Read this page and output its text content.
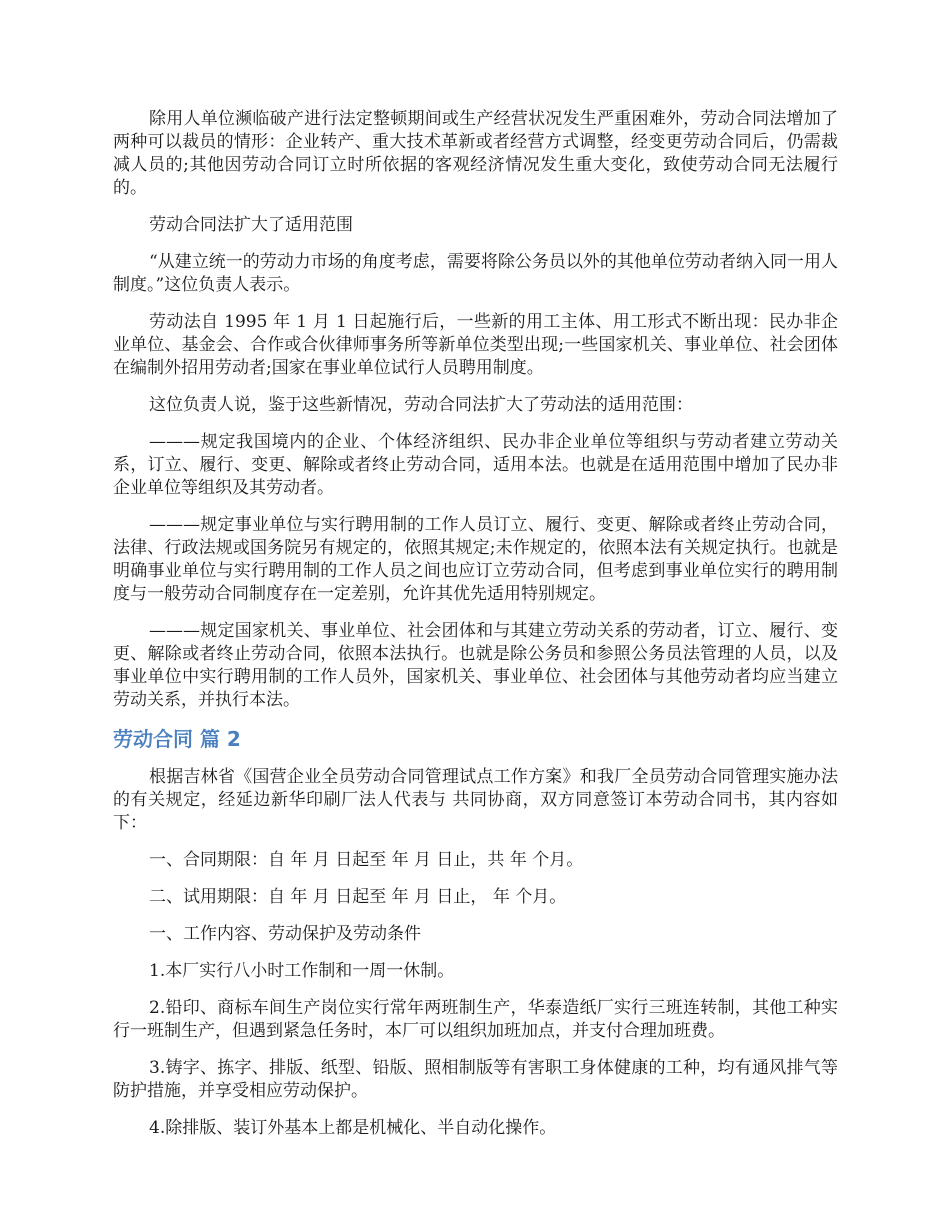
除用人单位濒临破产进行法定整顿期间或生产经营状况发生严重困难外，劳动合同法增加了两种可以裁员的情形：企业转产、重大技术革新或者经营方式调整，经变更劳动合同后，仍需裁减人员的;其他因劳动合同订立时所依据的客观经济情况发生重大变化，致使劳动合同无法履行的。

劳动合同法扩大了适用范围

“从建立统一的劳动力市场的角度考虑，需要将除公务员以外的其他单位劳动者纳入同一用人制度。”这位负责人表示。

劳动法自 1995 年 1 月 1 日起施行后，一些新的用工主体、用工形式不断出现：民办非企业单位、基金会、合作或合伙律师事务所等新单位类型出现;一些国家机关、事业单位、社会团体在编制外招用劳动者;国家在事业单位试行人员聘用制度。

这位负责人说，鉴于这些新情况，劳动合同法扩大了劳动法的适用范围：

———规定我国境内的企业、个体经济组织、民办非企业单位等组织与劳动者建立劳动关系，订立、履行、变更、解除或者终止劳动合同，适用本法。也就是在适用范围中增加了民办非企业单位等组织及其劳动者。

———规定事业单位与实行聘用制的工作人员订立、履行、变更、解除或者终止劳动合同，法律、行政法规或国务院另有规定的，依照其规定;未作规定的，依照本法有关规定执行。也就是明确事业单位与实行聘用制的工作人员之间也应订立劳动合同，但考虑到事业单位实行的聘用制度与一般劳动合同制度存在一定差别，允许其优先适用特别规定。

———规定国家机关、事业单位、社会团体和与其建立劳动关系的劳动者，订立、履行、变更、解除或者终止劳动合同，依照本法执行。也就是除公务员和参照公务员法管理的人员，以及事业单位中实行聘用制的工作人员外，国家机关、事业单位、社会团体与其他劳动者均应当建立劳动关系，并执行本法。

劳动合同 篇 2

根据吉林省《国营企业全员劳动合同管理试点工作方案》和我厂全员劳动合同管理实施办法的有关规定，经延边新华印刷厂法人代表与 共同协商，双方同意签订本劳动合同书，其内容如下：

一、合同期限：自 年 月 日起至 年 月 日止，共 年 个月。

二、试用期限：自 年 月 日起至 年 月 日止， 年 个月。

一、工作内容、劳动保护及劳动条件

1.本厂实行八小时工作制和一周一休制。

2.铅印、商标车间生产岗位实行常年两班制生产，华泰造纸厂实行三班连转制，其他工种实行一班制生产，但遇到紧急任务时，本厂可以组织加班加点，并支付合理加班费。

3.铸字、拣字、排版、纸型、铅版、照相制版等有害职工身体健康的工种，均有通风排气等防护措施，并享受相应劳动保护。

4.除排版、装订外基本上都是机械化、半自动化操作。
